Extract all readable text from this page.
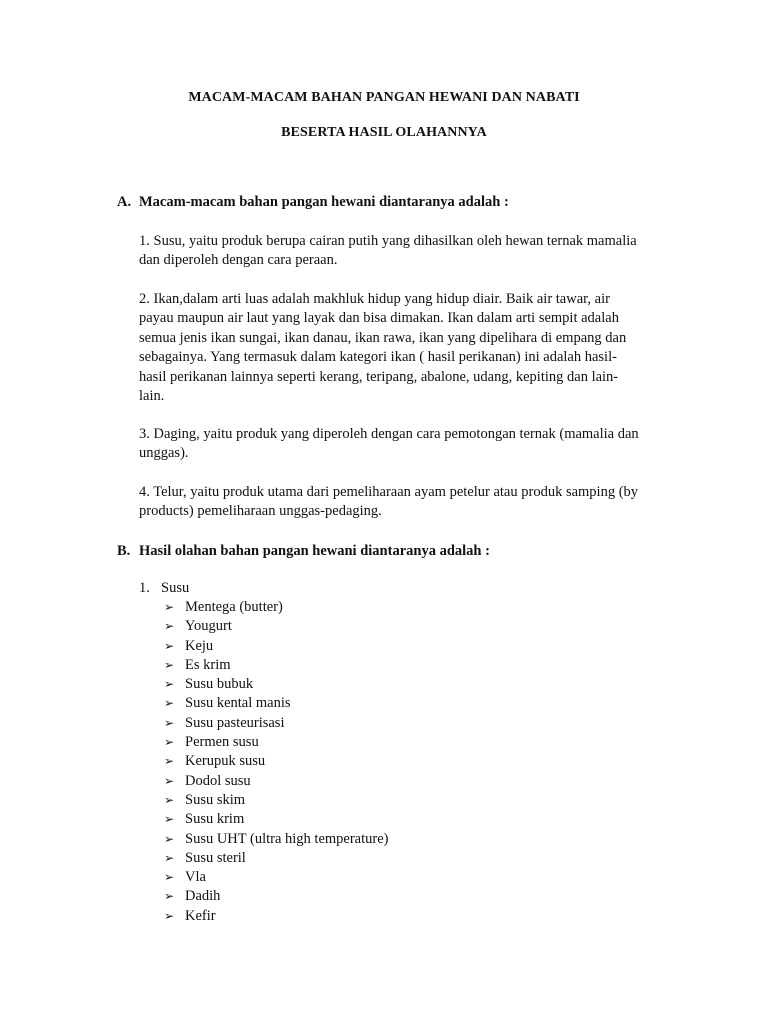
MACAM-MACAM BAHAN PANGAN HEWANI DAN NABATI
BESERTA HASIL OLAHANNYA
A. Macam-macam bahan pangan hewani diantaranya adalah :
1. Susu, yaitu produk berupa cairan putih yang dihasilkan oleh hewan ternak mamalia
dan diperoleh dengan cara peraan.
2. Ikan,dalam arti luas adalah makhluk hidup yang hidup diair. Baik air tawar, air
payau maupun air laut yang layak dan bisa dimakan. Ikan dalam arti sempit adalah
semua jenis ikan sungai, ikan danau, ikan rawa, ikan yang dipelihara di empang dan
sebagainya. Yang termasuk dalam kategori ikan ( hasil perikanan) ini adalah hasil-
hasil perikanan lainnya seperti kerang, teripang, abalone, udang, kepiting dan lain-
lain.
3. Daging, yaitu produk yang diperoleh dengan cara pemotongan ternak (mamalia dan
unggas).
4. Telur, yaitu produk utama dari pemeliharaan ayam petelur atau produk samping (by
products) pemeliharaan unggas-pedaging.
B. Hasil olahan bahan pangan hewani diantaranya adalah :
1. Susu
➢ Mentega (butter)
➢ Yougurt
➢ Keju
➢ Es krim
➢ Susu bubuk
➢ Susu kental manis
➢ Susu pasteurisasi
➢ Permen susu
➢ Kerupuk susu
➢ Dodol susu
➢ Susu skim
➢ Susu krim
➢ Susu UHT (ultra high temperature)
➢ Susu steril
➢ Vla
➢ Dadih
➢ Kefir
